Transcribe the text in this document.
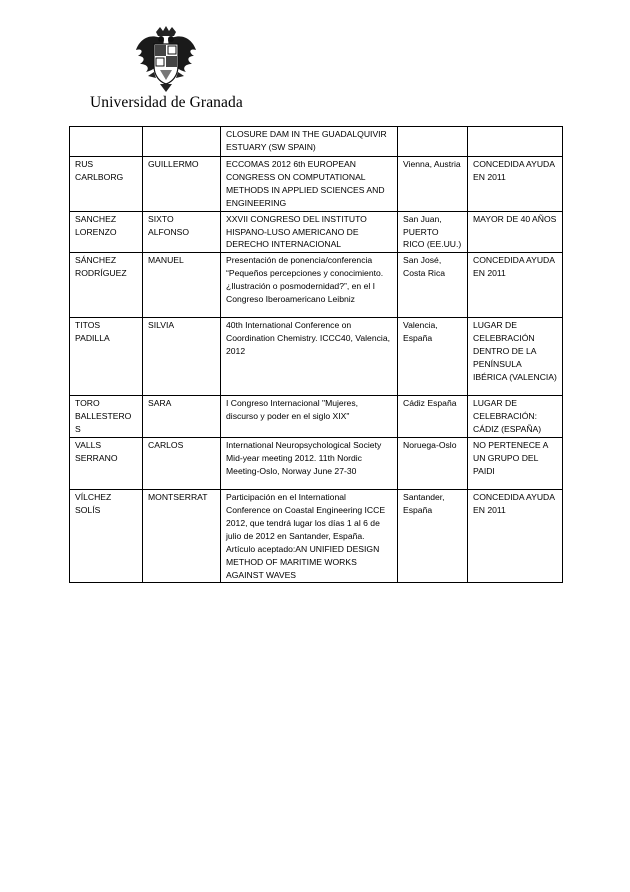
Universidad de Granada
		CLOSURE DAM IN THE GUADALQUIVIR ESTUARY (SW SPAIN)		
RUS CARLBORG	GUILLERMO	ECCOMAS 2012 6th EUROPEAN CONGRESS ON COMPUTATIONAL METHODS IN APPLIED SCIENCES AND ENGINEERING	Vienna, Austria	CONCEDIDA AYUDA EN 2011
SANCHEZ LORENZO	SIXTO ALFONSO	XXVII CONGRESO DEL INSTITUTO HISPANO-LUSO AMERICANO DE DERECHO INTERNACIONAL	San Juan, PUERTO RICO (EE.UU.)	MAYOR DE 40 AÑOS
SÁNCHEZ RODRÍGUEZ	MANUEL	Presentación de ponencia/conferencia “Pequeños percepciones y conocimiento. ¿Ilustración o posmodernidad?”, en el I Congreso Iberoamericano Leibniz	San José, Costa Rica	CONCEDIDA AYUDA EN 2011
TITOS PADILLA	SILVIA	40th International Conference on Coordination Chemistry. ICCC40, Valencia, 2012	Valencia, España	LUGAR DE CELEBRACIÓN DENTRO DE LA PENÍNSULA IBÉRICA (VALENCIA)
TORO BALLESTEROS	SARA	I Congreso Internacional "Mujeres, discurso y poder en el siglo XIX"	Cádiz España	LUGAR DE CELEBRACIÓN: CÁDIZ (ESPAÑA)
VALLS SERRANO	CARLOS	International Neuropsychological Society Mid-year meeting 2012. 11th Nordic Meeting-Oslo, Norway June 27-30	Noruega-Oslo	NO PERTENECE A UN GRUPO DEL PAIDI
VÍLCHEZ SOLÍS	MONTSERRAT	Participación en el International Conference on Coastal Engineering ICCE 2012, que tendrá lugar los días 1 al 6 de julio de 2012 en Santander, España. Artículo aceptado:AN UNIFIED DESIGN METHOD OF MARITIME WORKS AGAINST WAVES	Santander, España	CONCEDIDA AYUDA EN 2011
